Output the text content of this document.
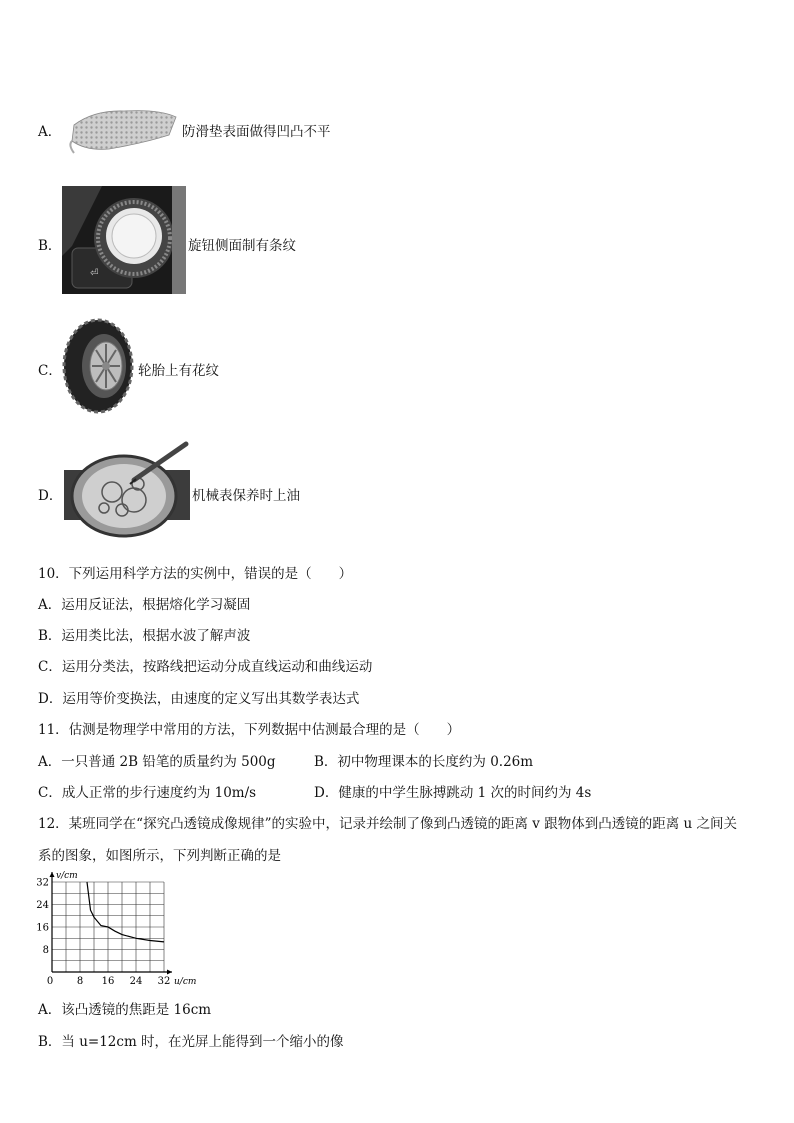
A．	防滑垫表面做得凹凸不平
B．
⏎
旋钮侧面制有条纹
C．	轮胎上有花纹
D．	机械表保养时上油
10．下列运用科学方法的实例中，错误的是（　　）
A．运用反证法，根据熔化学习凝固
B．运用类比法，根据水波了解声波
C．运用分类法，按路线把运动分成直线运动和曲线运动
D．运用等价变换法，由速度的定义写出其数学表达式
11．估测是物理学中常用的方法，下列数据中估测最合理的是（　　）
A．一只普通 2B 铅笔的质量约为 500g	B．初中物理课本的长度约为 0.26m
C．成人正常的步行速度约为 10m/s	D．健康的中学生脉搏跳动 1 次的时间约为 4s
12．某班同学在“探究凸透镜成像规律”的实验中，记录并绘制了像到凸透镜的距离 v 跟物体到凸透镜的距离 u 之间关
系的图象，如图所示，下列判断正确的是
0 8 16 24 32
8
16
24
32
u/cm
v/cm
A．该凸透镜的焦距是 16cm
B．当 u=12cm 时，在光屏上能得到一个缩小的像
